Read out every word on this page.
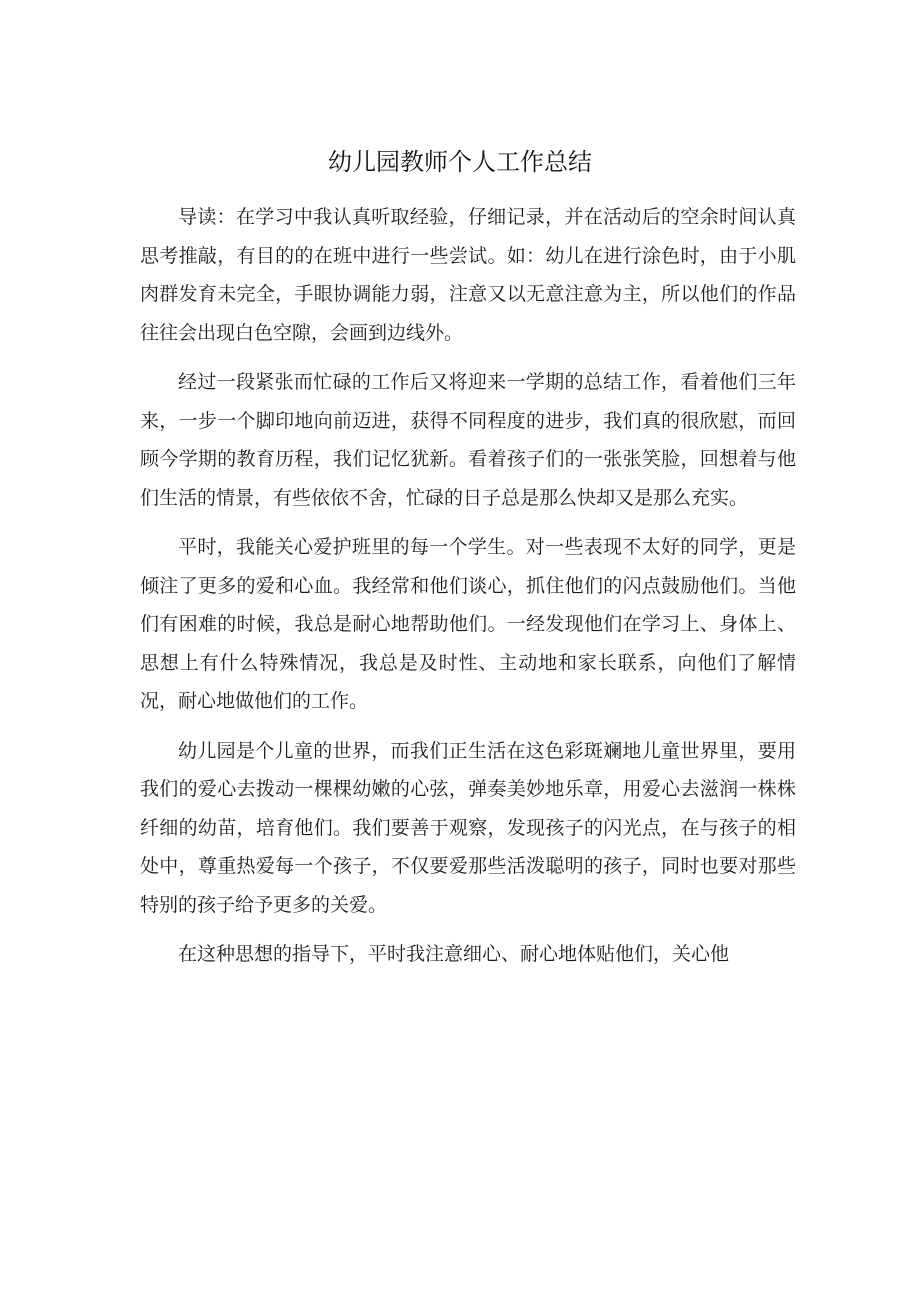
幼儿园教师个人工作总结

导读：在学习中我认真听取经验，仔细记录，并在活动后的空余时间认真思考推敲，有目的的在班中进行一些尝试。如：幼儿在进行涂色时，由于小肌肉群发育未完全，手眼协调能力弱，注意又以无意注意为主，所以他们的作品往往会出现白色空隙，会画到边线外。

经过一段紧张而忙碌的工作后又将迎来一学期的总结工作，看着他们三年来，一步一个脚印地向前迈进，获得不同程度的进步，我们真的很欣慰，而回顾今学期的教育历程，我们记忆犹新。看着孩子们的一张张笑脸，回想着与他们生活的情景，有些依依不舍，忙碌的日子总是那么快却又是那么充实。

平时，我能关心爱护班里的每一个学生。对一些表现不太好的同学，更是倾注了更多的爱和心血。我经常和他们谈心，抓住他们的闪点鼓励他们。当他们有困难的时候，我总是耐心地帮助他们。一经发现他们在学习上、身体上、思想上有什么特殊情况，我总是及时性、主动地和家长联系，向他们了解情况，耐心地做他们的工作。

幼儿园是个儿童的世界，而我们正生活在这色彩斑斓地儿童世界里，要用我们的爱心去拨动一棵棵幼嫩的心弦，弹奏美妙地乐章，用爱心去滋润一株株纤细的幼苗，培育他们。我们要善于观察，发现孩子的闪光点，在与孩子的相处中，尊重热爱每一个孩子，不仅要爱那些活泼聪明的孩子，同时也要对那些特别的孩子给予更多的关爱。

在这种思想的指导下，平时我注意细心、耐心地体贴他们，关心他
